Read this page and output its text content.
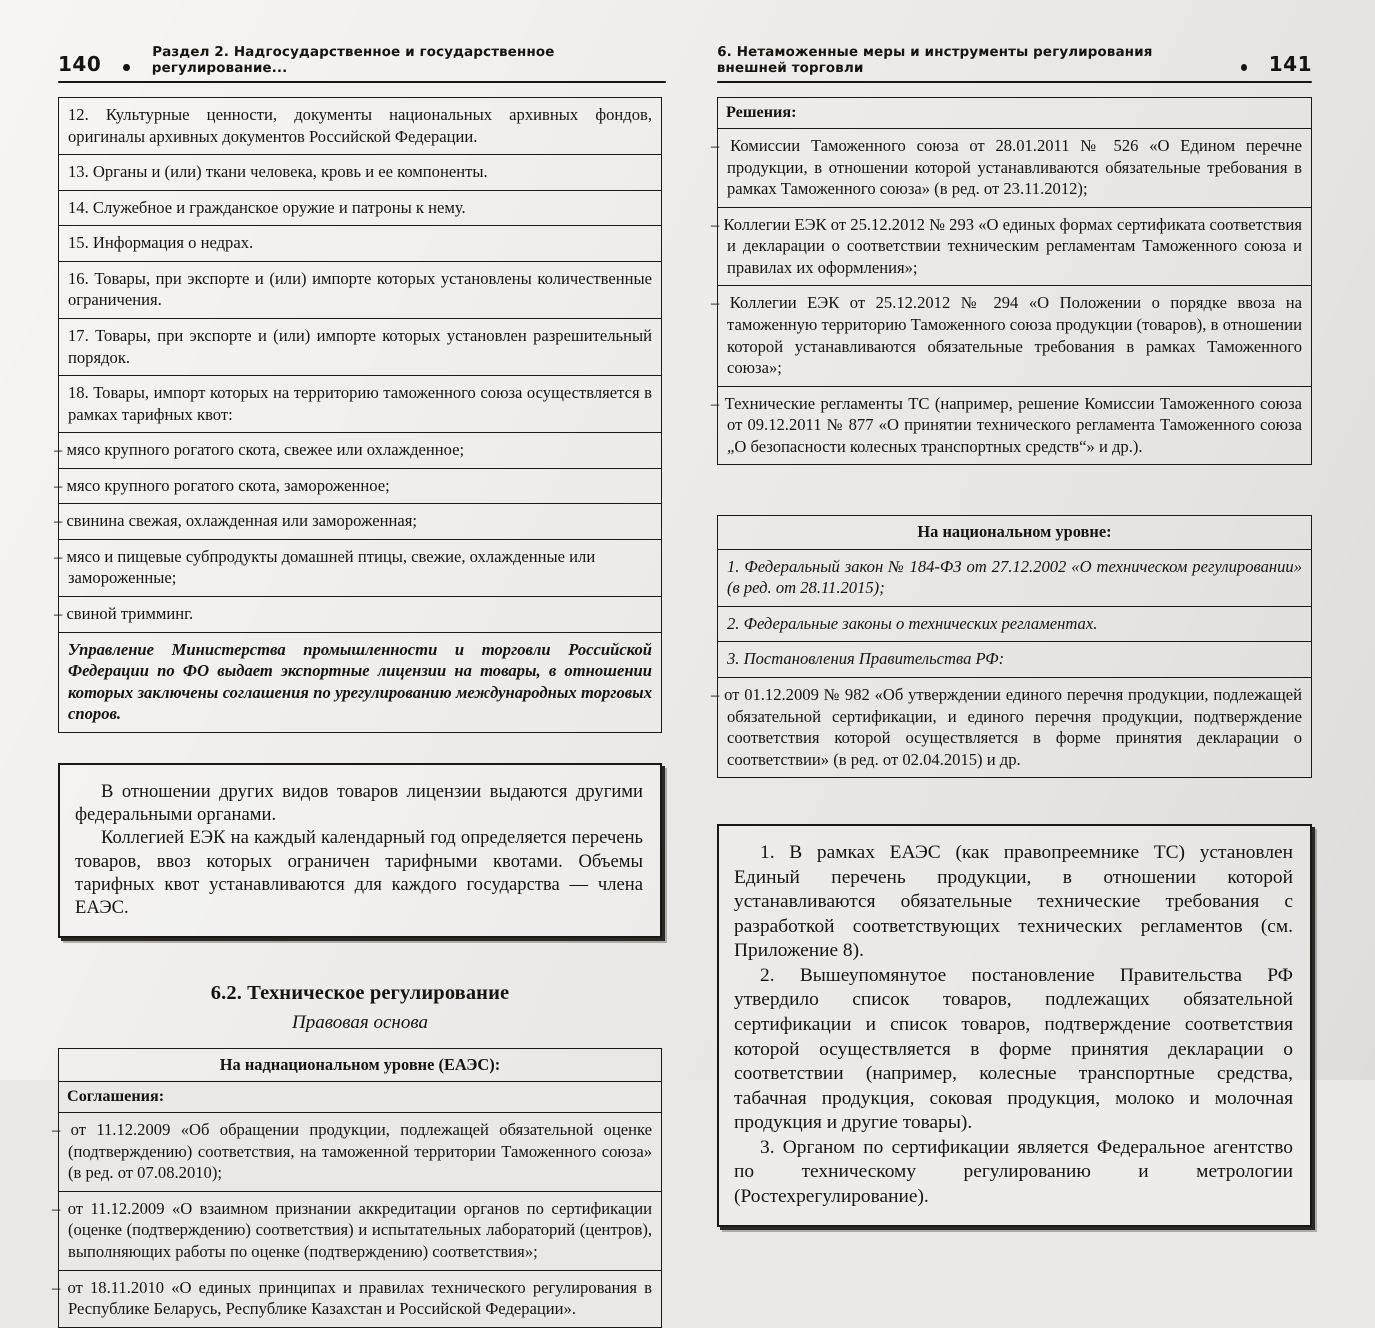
140	Раздел 2. Надгосударственное и государственное регулирование...
12. Культурные ценности, документы национальных архивных фондов, оригиналы архивных документов Российской Федерации.
13. Органы и (или) ткани человека, кровь и ее компоненты.
14. Служебное и гражданское оружие и патроны к нему.
15. Информация о недрах.
16. Товары, при экспорте и (или) импорте которых установлены количественные ограничения.
17. Товары, при экспорте и (или) импорте которых установлен разрешительный порядок.
18. Товары, импорт которых на территорию таможенного союза осуществляется в рамках тарифных квот:
– мясо крупного рогатого скота, свежее или охлажденное;
– мясо крупного рогатого скота, замороженное;
– свинина свежая, охлажденная или замороженная;
– мясо и пищевые субпродукты домашней птицы, свежие, охлажденные или замороженные;
– свиной тримминг.
Управление Министерства промышленности и торговли Российской Федерации по ФО выдает экспортные лицензии на товары, в отношении которых заключены соглашения по урегулированию международных торговых споров.

В отношении других видов товаров лицензии выдаются другими федеральными органами.

Коллегией ЕЭК на каждый календарный год определяется перечень товаров, ввоз которых ограничен тарифными квотами. Объемы тарифных квот устанавливаются для каждого государства — члена ЕАЭС.

6.2. Техническое регулирование
Правовая основа
На наднациональном уровне (ЕАЭС):
Соглашения:
– от 11.12.2009 «Об обращении продукции, подлежащей обязательной оценке (подтверждению) соответствия, на таможенной территории Таможенного союза» (в ред. от 07.08.2010);
– от 11.12.2009 «О взаимном признании аккредитации органов по сертификации (оценке (подтверждению) соответствия) и испытательных лабораторий (центров), выполняющих работы по оценке (подтверждению) соответствия»;
– от 18.11.2010 «О единых принципах и правилах технического регулирования в Республике Беларусь, Республике Казахстан и Российской Федерации».
6. Нетаможенные меры и инструменты регулирования внешней торговли	141
Решения:
– Комиссии Таможенного союза от 28.01.2011 № 526 «О Едином перечне продукции, в отношении которой устанавливаются обязательные требования в рамках Таможенного союза» (в ред. от 23.11.2012);
– Коллегии ЕЭК от 25.12.2012 № 293 «О единых формах сертификата соответствия и декларации о соответствии техническим регламентам Таможенного союза и правилах их оформления»;
– Коллегии ЕЭК от 25.12.2012 № 294 «О Положении о порядке ввоза на таможенную территорию Таможенного союза продукции (товаров), в отношении которой устанавливаются обязательные требования в рамках Таможенного союза»;
– Технические регламенты ТС (например, решение Комиссии Таможенного союза от 09.12.2011 № 877 «О принятии технического регламента Таможенного союза „О безопасности колесных транспортных средств“» и др.).
На национальном уровне:
1. Федеральный закон № 184-ФЗ от 27.12.2002 «О техническом регулировании» (в ред. от 28.11.2015);
2. Федеральные законы о технических регламентах.
3. Постановления Правительства РФ:
– от 01.12.2009 № 982 «Об утверждении единого перечня продукции, подлежащей обязательной сертификации, и единого перечня продукции, подтверждение соответствия которой осуществляется в форме принятия декларации о соответствии» (в ред. от 02.04.2015) и др.

1. В рамках ЕАЭС (как правопреемнике ТС) установлен Единый перечень продукции, в отношении которой устанавливаются обязательные технические требования с разработкой соответствующих технических регламентов (см. Приложение 8).

2. Вышеупомянутое постановление Правительства РФ утвердило список товаров, подлежащих обязательной сертификации и список товаров, подтверждение соответствия которой осуществляется в форме принятия декларации о соответствии (например, колесные транспортные средства, табачная продукция, соковая продукция, молоко и молочная продукция и другие товары).

3. Органом по сертификации является Федеральное агентство по техническому регулированию и метрологии (Ростехрегулирование).
